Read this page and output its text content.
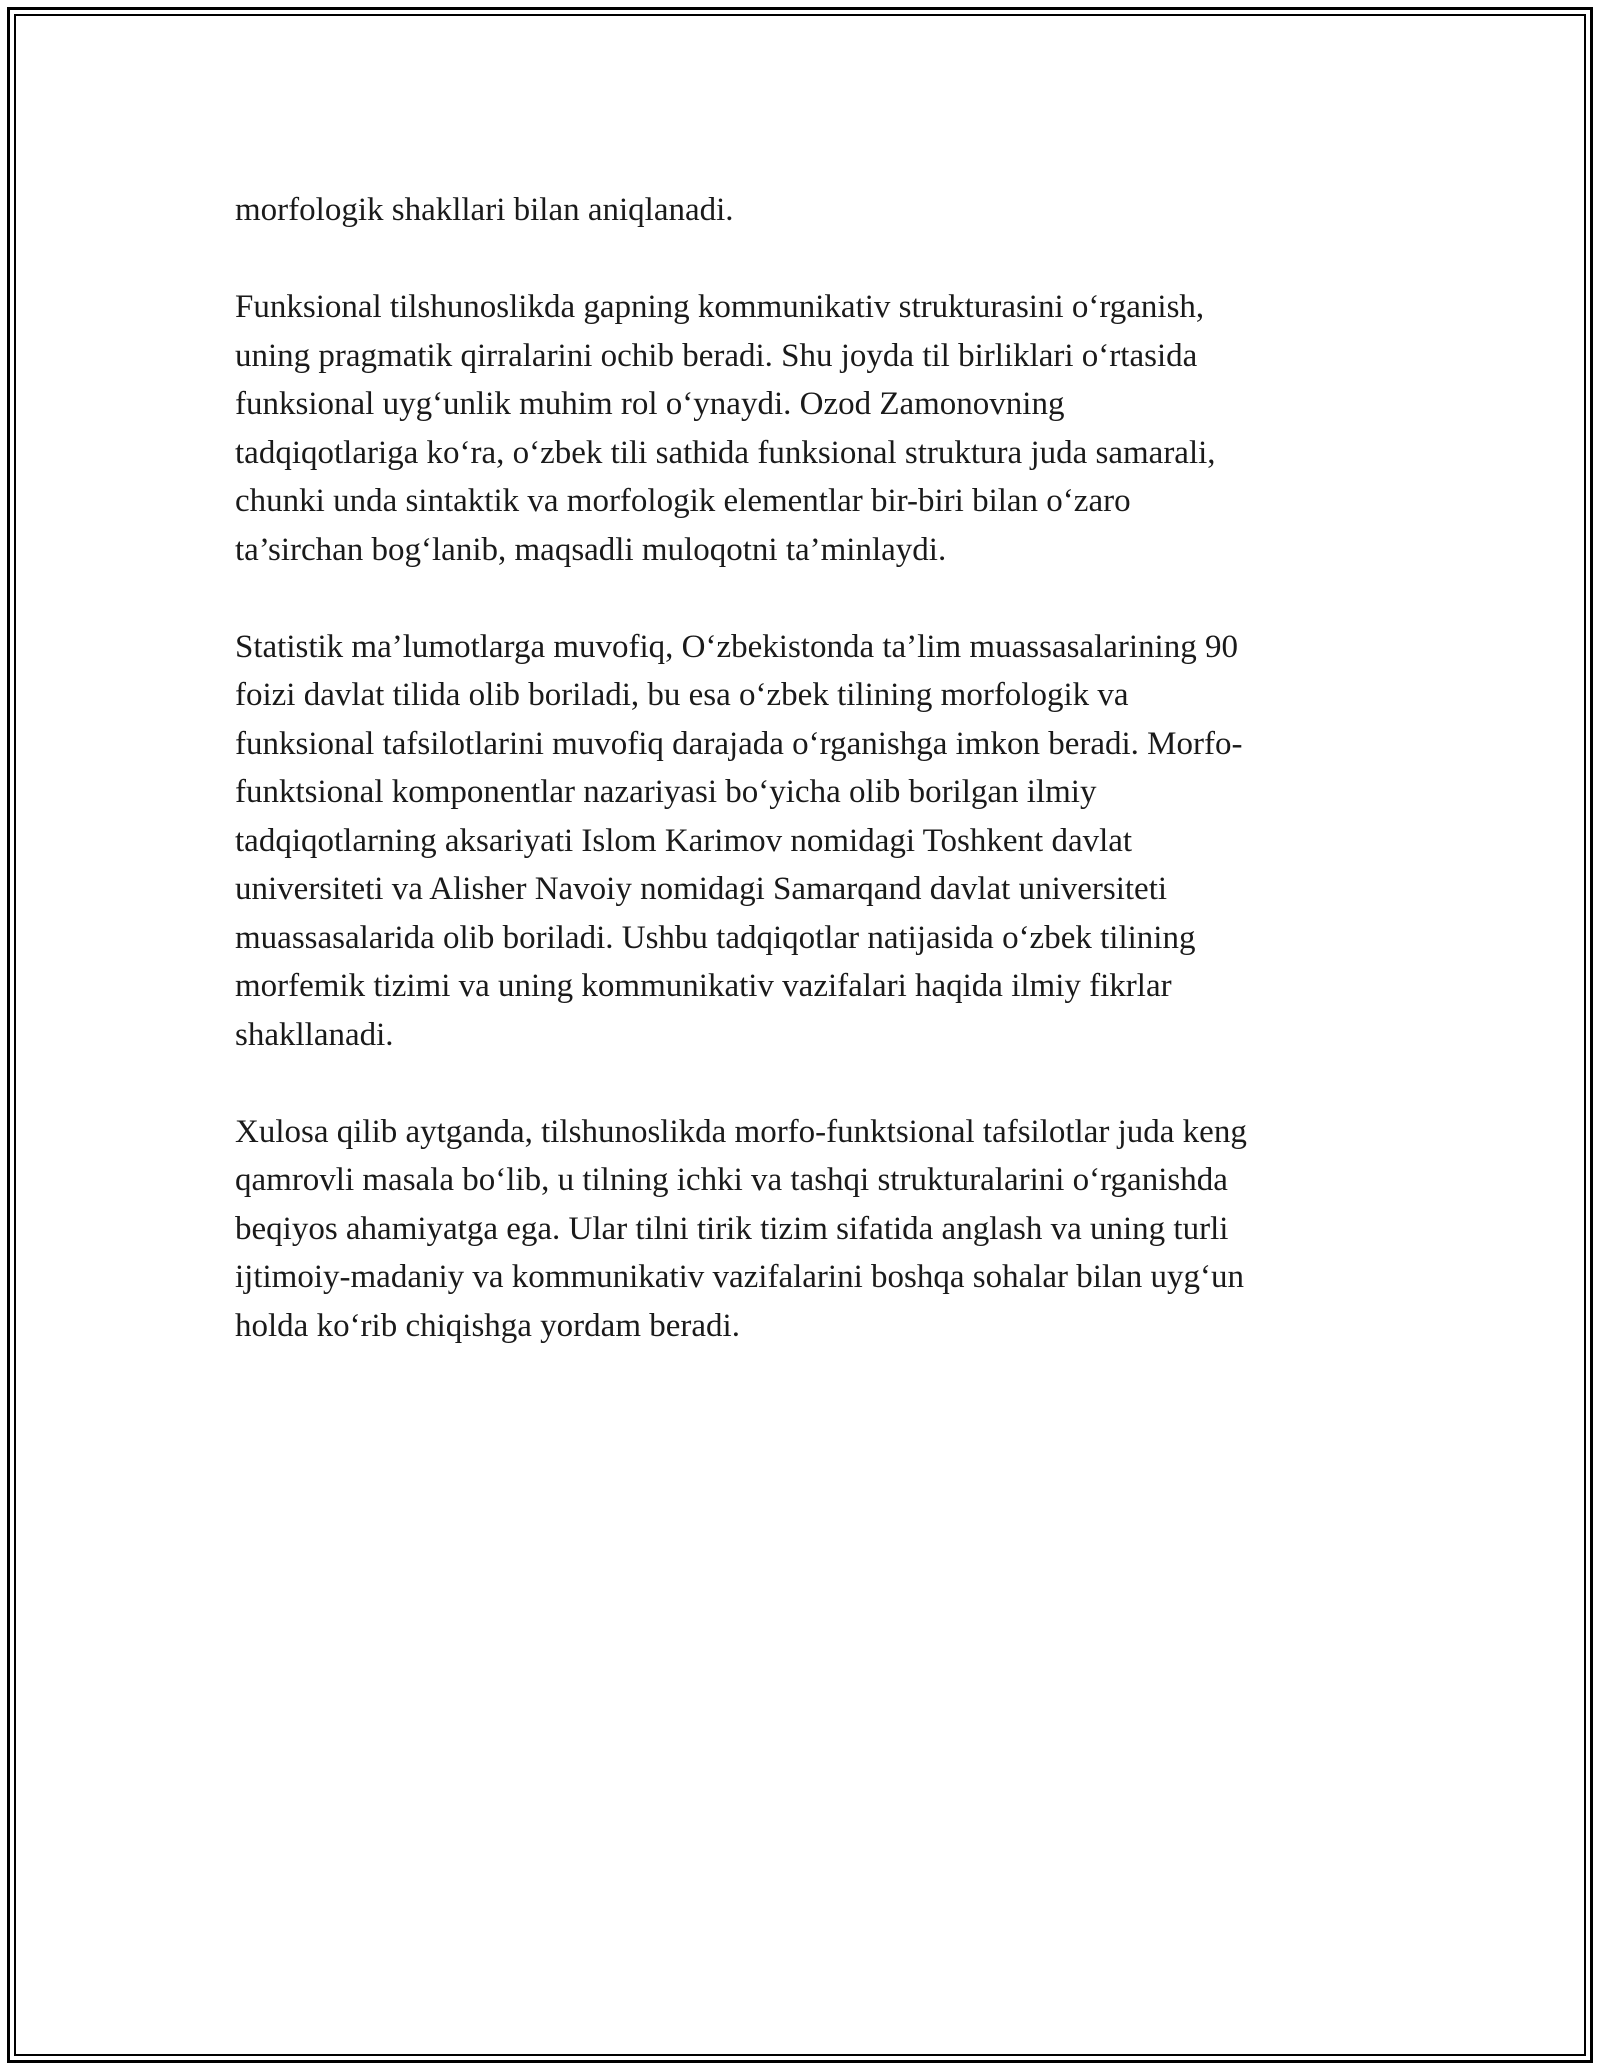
morfologik shakllari bilan aniqlanadi.

Funksional tilshunoslikda gapning kommunikativ strukturasini o‘rganish,
uning pragmatik qirralarini ochib beradi. Shu joyda til birliklari o‘rtasida
funksional uyg‘unlik muhim rol o‘ynaydi. Ozod Zamonovning
tadqiqotlariga ko‘ra, o‘zbek tili sathida funksional struktura juda samarali,
chunki unda sintaktik va morfologik elementlar bir-biri bilan o‘zaro
ta’sirchan bog‘lanib, maqsadli muloqotni ta’minlaydi.

Statistik ma’lumotlarga muvofiq, O‘zbekistonda ta’lim muassasalarining 90
foizi davlat tilida olib boriladi, bu esa o‘zbek tilining morfologik va
funksional tafsilotlarini muvofiq darajada o‘rganishga imkon beradi. Morfo-
funktsional komponentlar nazariyasi bo‘yicha olib borilgan ilmiy
tadqiqotlarning aksariyati Islom Karimov nomidagi Toshkent davlat
universiteti va Alisher Navoiy nomidagi Samarqand davlat universiteti
muassasalarida olib boriladi. Ushbu tadqiqotlar natijasida o‘zbek tilining
morfemik tizimi va uning kommunikativ vazifalari haqida ilmiy fikrlar
shakllanadi.

Xulosa qilib aytganda, tilshunoslikda morfo-funktsional tafsilotlar juda keng
qamrovli masala bo‘lib, u tilning ichki va tashqi strukturalarini o‘rganishda
beqiyos ahamiyatga ega. Ular tilni tirik tizim sifatida anglash va uning turli
ijtimoiy-madaniy va kommunikativ vazifalarini boshqa sohalar bilan uyg‘un
holda ko‘rib chiqishga yordam beradi.
